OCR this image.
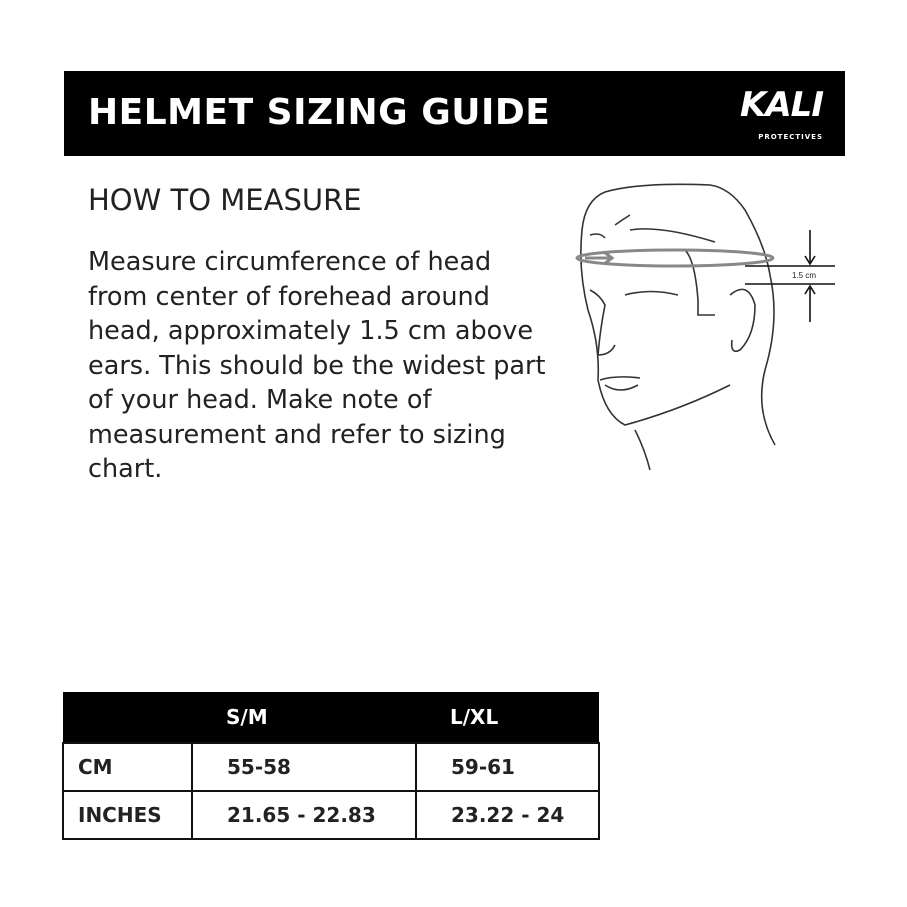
HELMET SIZING GUIDE	KALI
PROTECTIVES
HOW TO MEASURE
Measure circumference of head from center of forehead around head, approximately 1.5 cm above ears. This should be the widest part of your head. Make note of measurement and refer to sizing chart.
1.5 cm
	S/M	L/XL
CM	55-58	59-61
INCHES	21.65 - 22.83	23.22 - 24
